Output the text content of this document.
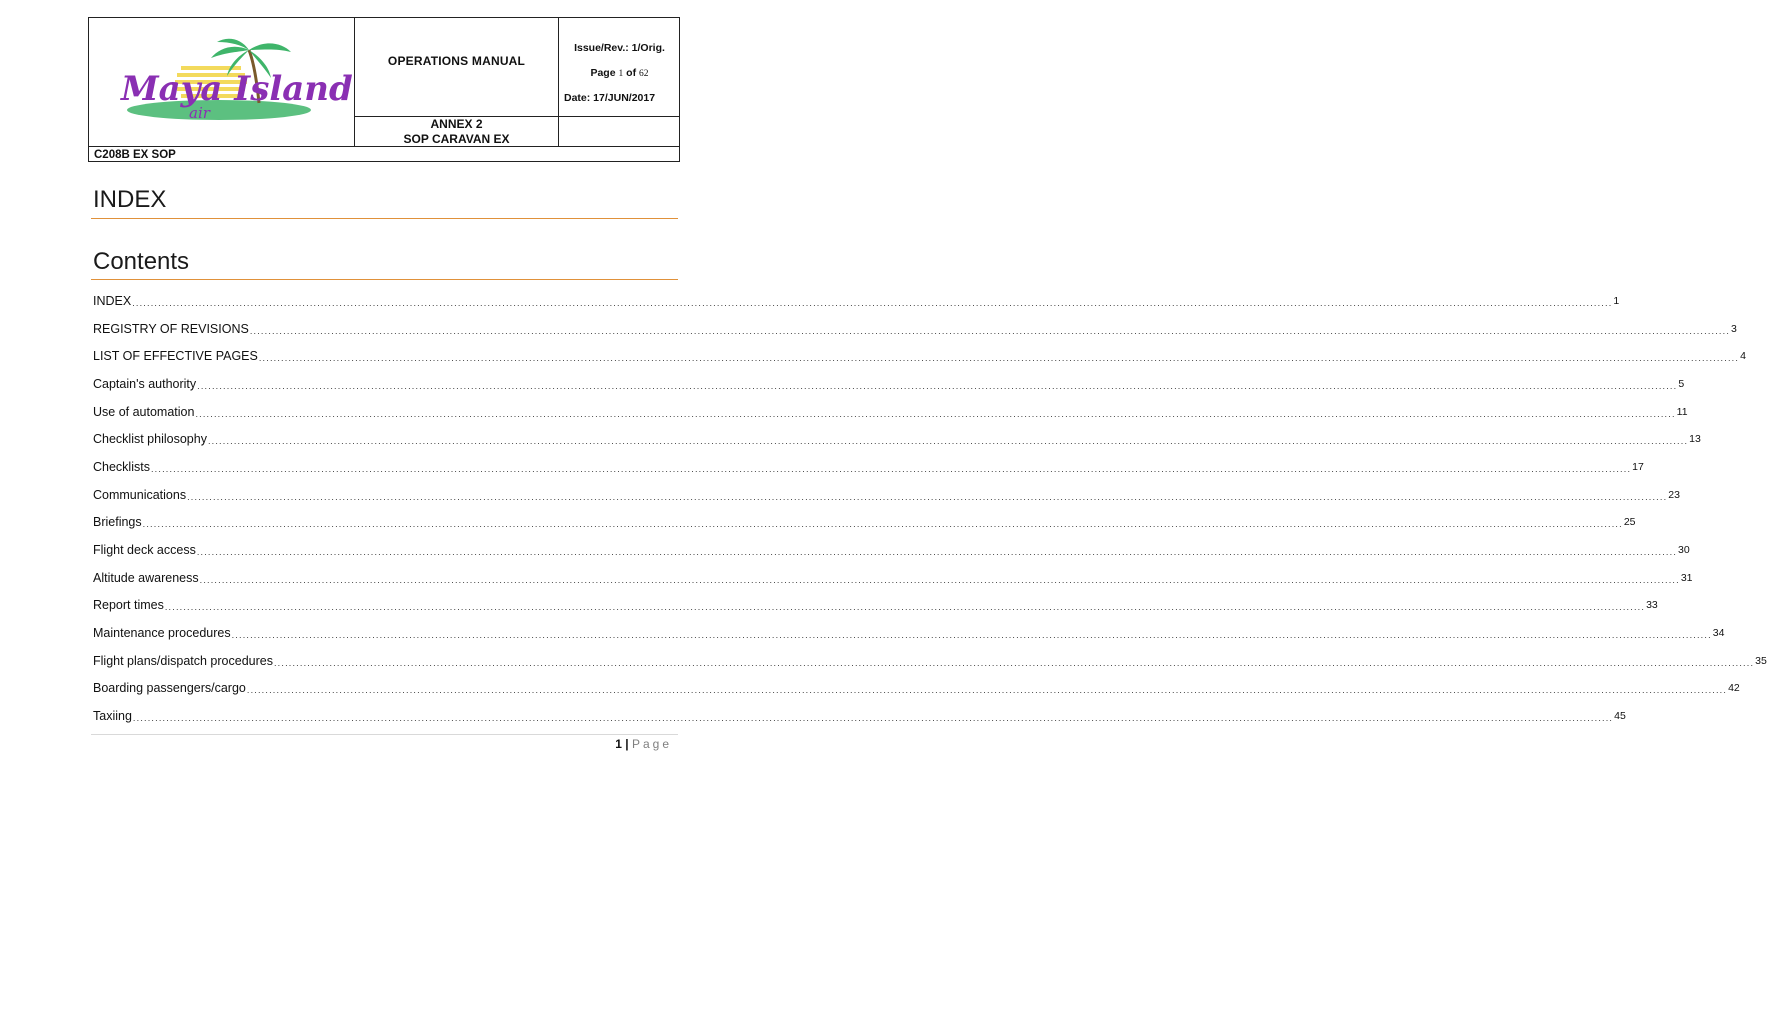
Maya Island
air
OPERATIONS MANUAL
Issue/Rev.: 1/Orig.
Page 1 of 62
Date: 17/JUN/2017
ANNEX 2
SOP CARAVAN EX
C208B EX SOP
INDEX
Contents
INDEX ................................................................................................................................................................................................................................................................................................................................................................................................................ 1
REGISTRY OF REVISIONS ................................................................................................................................................................................................................................................................................................................................................................................................................ 3
LIST OF EFFECTIVE PAGES ................................................................................................................................................................................................................................................................................................................................................................................................................ 4
Captain's authority ................................................................................................................................................................................................................................................................................................................................................................................................................ 5
Use of automation ................................................................................................................................................................................................................................................................................................................................................................................................................ 11
Checklist philosophy ................................................................................................................................................................................................................................................................................................................................................................................................................ 13
Checklists ................................................................................................................................................................................................................................................................................................................................................................................................................ 17
Communications ................................................................................................................................................................................................................................................................................................................................................................................................................ 23
Briefings ................................................................................................................................................................................................................................................................................................................................................................................................................ 25
Flight deck access ................................................................................................................................................................................................................................................................................................................................................................................................................ 30
Altitude awareness ................................................................................................................................................................................................................................................................................................................................................................................................................ 31
Report times ................................................................................................................................................................................................................................................................................................................................................................................................................ 33
Maintenance procedures ................................................................................................................................................................................................................................................................................................................................................................................................................ 34
Flight plans/dispatch procedures ................................................................................................................................................................................................................................................................................................................................................................................................................ 35
Boarding passengers/cargo ................................................................................................................................................................................................................................................................................................................................................................................................................ 42
Taxiing ................................................................................................................................................................................................................................................................................................................................................................................................................ 45
1 | Page
